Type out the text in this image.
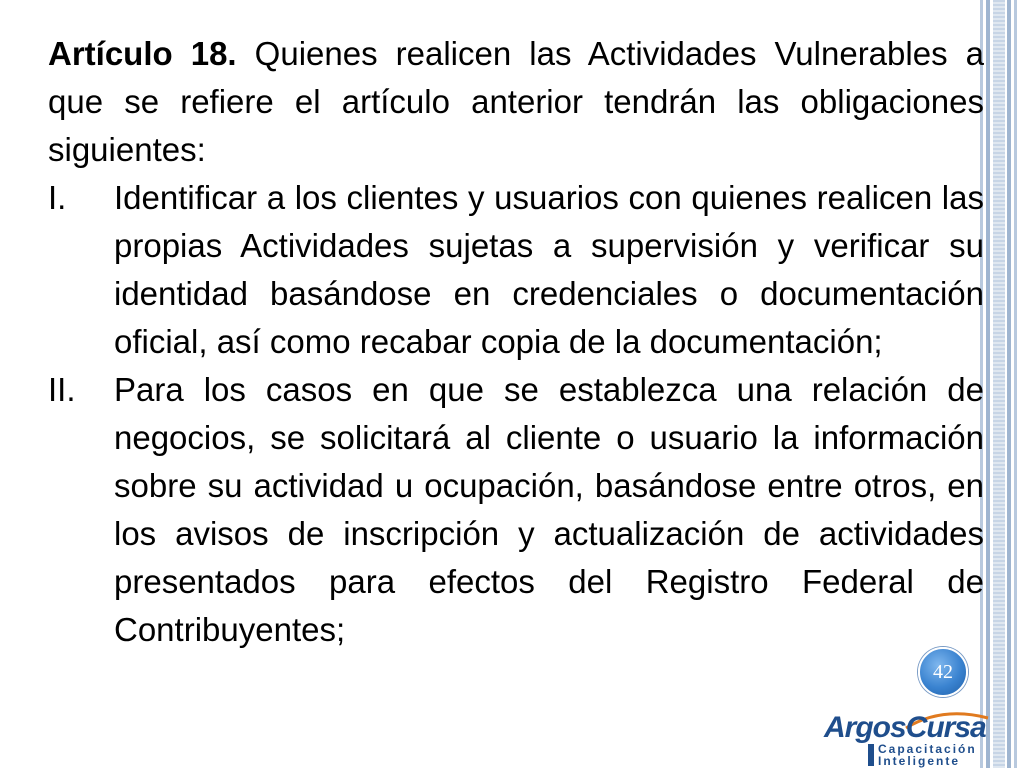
Artículo 18. Quienes realicen las Actividades Vulnerables a que se refiere el artículo anterior tendrán las obligaciones siguientes:

I.	Identificar a los clientes y usuarios con quienes realicen las propias Actividades sujetas a supervisión y verificar su identidad basándose en credenciales o documentación oficial, así como recabar copia de la documentación;
II.	Para los casos en que se establezca una relación de negocios, se solicitará al cliente o usuario la información sobre su actividad u ocupación, basándose entre otros, en los avisos de inscripción y actualización de actividades presentados para efectos del Registro Federal de Contribuyentes;
42
ArgosCursa
Capacitación
Inteligente
